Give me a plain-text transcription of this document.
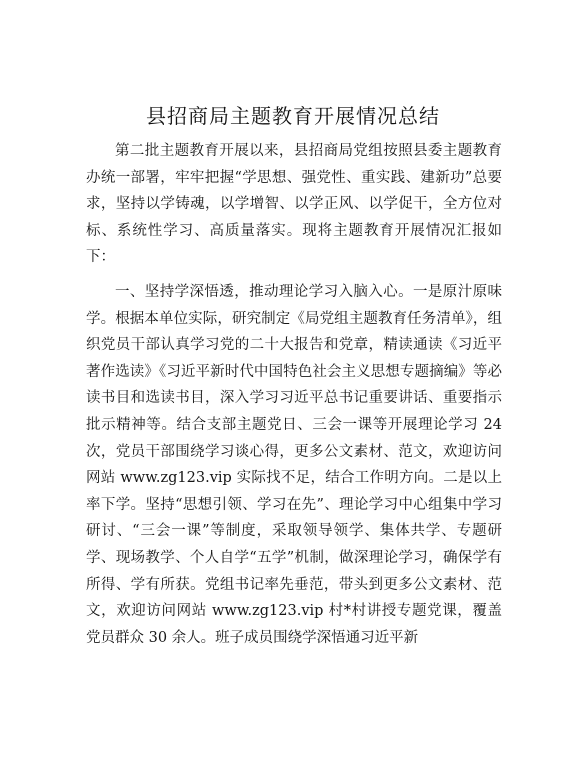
县招商局主题教育开展情况总结

第二批主题教育开展以来，县招商局党组按照县委主题教育办统一部署，牢牢把握“学思想、强党性、重实践、建新功”总要求，坚持以学铸魂，以学增智、以学正风、以学促干，全方位对标、系统性学习、高质量落实。现将主题教育开展情况汇报如下：

一、坚持学深悟透，推动理论学习入脑入心。一是原汁原味学。根据本单位实际，研究制定《局党组主题教育任务清单》，组织党员干部认真学习党的二十大报告和党章，精读通读《习近平著作选读》《习近平新时代中国特色社会主义思想专题摘编》等必读书目和选读书目，深入学习习近平总书记重要讲话、重要指示批示精神等。结合支部主题党日、三会一课等开展理论学习 24 次，党员干部围绕学习谈心得，更多公文素材、范文，欢迎访问网站 www.zg123.vip 实际找不足，结合工作明方向。二是以上率下学。坚持“思想引领、学习在先”、理论学习中心组集中学习研讨、“三会一课”等制度，采取领导领学、集体共学、专题研学、现场教学、个人自学“五学”机制，做深理论学习，确保学有所得、学有所获。党组书记率先垂范，带头到更多公文素材、范文，欢迎访问网站 www.zg123.vip 村*村讲授专题党课，覆盖党员群众 30 余人。班子成员围绕学深悟通习近平新
